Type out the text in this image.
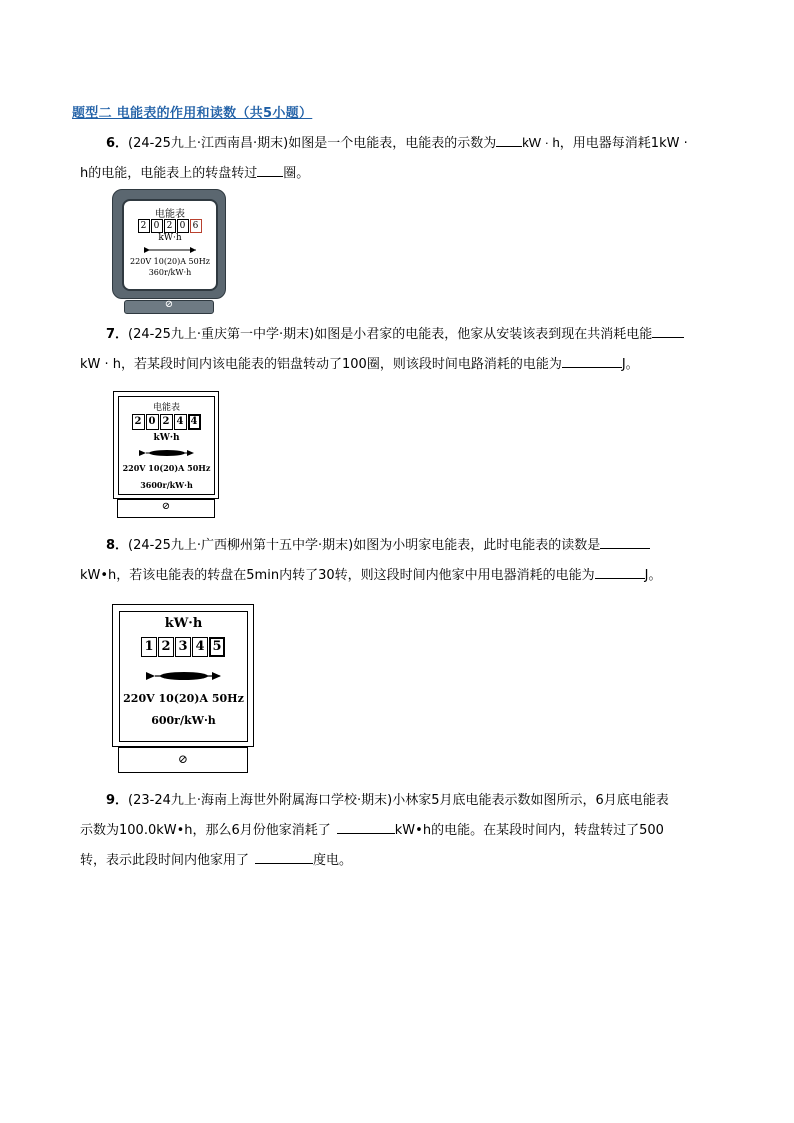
题型二 电能表的作用和读数（共5小题）
6．(24-25九上·江西南昌·期末)如图是一个电能表，电能表的示数为 kW · h，用电器每消耗1kW ·
h的电能，电能表上的转盘转过 圈。
电能表
2 0 2 0 6
kW·h
220V 10(20)A 50Hz
360r/kW·h
⊘
7．(24-25九上·重庆第一中学·期末)如图是小君家的电能表，他家从安装该表到现在共消耗电能
kW · h，若某段时间内该电能表的铝盘转动了100圈，则该段时间电路消耗的电能为	J。
电能表
2 0 2 4 4
kW·h
220V 10(20)A 50Hz
3600r/kW·h
⊘
8．(24-25九上·广西柳州第十五中学·期末)如图为小明家电能表，此时电能表的读数是
kW•h，若该电能表的转盘在5min内转了30转，则这段时间内他家中用电器消耗的电能为	J。
kW·h
1 2 3 4 5
220V 10(20)A 50Hz
600r/kW·h
⊘
9．(23-24九上·海南上海世外附属海口学校·期末)小林家5月底电能表示数如图所示，6月底电能表
示数为100.0kW•h，那么6月份他家消耗了	kW•h的电能。在某段时间内，转盘转过了500
转，表示此段时间内他家用了	度电。
